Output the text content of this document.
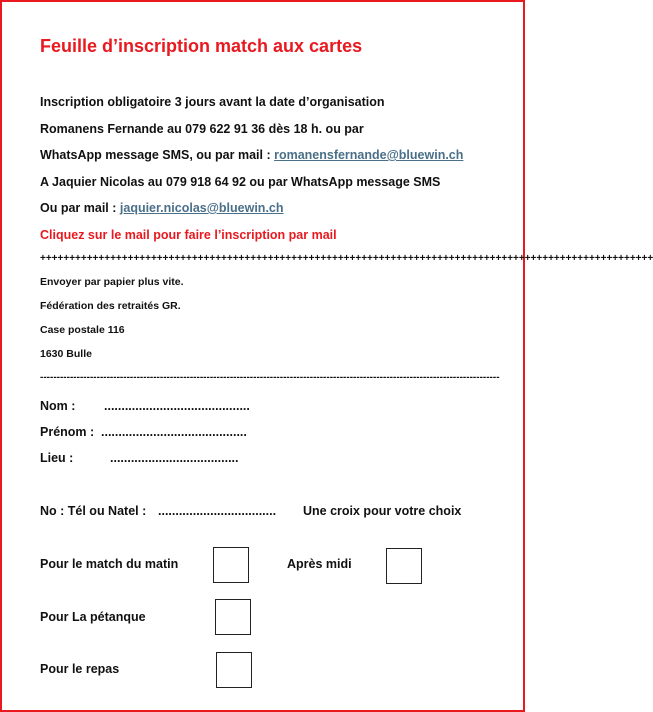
Feuille d’inscription match aux cartes
Inscription obligatoire 3 jours avant la date d’organisation
Romanens Fernande au 079 622 91 36 dès 18 h. ou par
WhatsApp message SMS, ou par mail : romanensfernande@bluewin.ch
A Jaquier Nicolas au 079 918 64 92 ou par WhatsApp message SMS
Ou par mail : jaquier.nicolas@bluewin.ch
Cliquez sur le mail pour faire l’inscription par mail
+++++++++++++++++++++++++++++++++++++++++++++++++++++++++++++++++++++++++++++++++++++++++++++++++++++++++
Envoyer par papier plus vite.
Fédération des retraités GR.
Case postale 116
1630 Bulle
------------------------------------------------------------------------------------------------------------------------------------------
Nom : ..........................................
Prénom : ..........................................
Lieu :	.....................................
No : Tél ou Natel : .................................. Une croix pour votre choix
Pour le match du matin	Après midi
Pour La pétanque
Pour le repas
